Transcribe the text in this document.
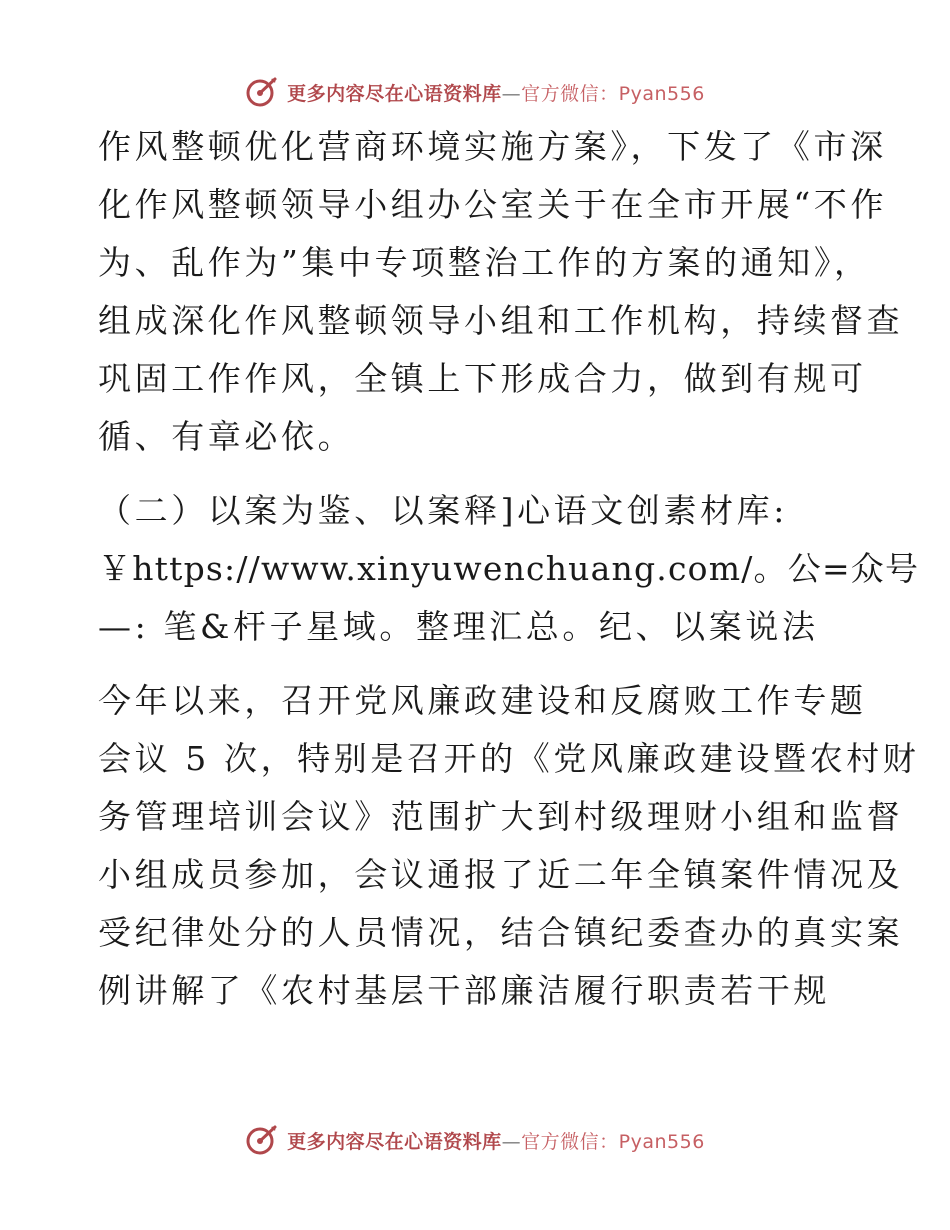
更多内容尽在心语资料库—官方微信：Pyan556
作风整顿优化营商环境实施方案》，下发了《市深
化作风整顿领导小组办公室关于在全市开展“不作
为、乱作为”集中专项整治工作的方案的通知》，
组成深化作风整顿领导小组和工作机构，持续督查
巩固工作作风，全镇上下形成合力，做到有规可
循、有章必依。
（二）以案为鉴、以案释]心语文创素材库:
￥https://www.xinyuwenchuang.com/。公=众号
—: 笔&杆子星域。整理汇总。纪、以案说法
今年以来，召开党风廉政建设和反腐败工作专题
会议 5 次，特别是召开的《党风廉政建设暨农村财
务管理培训会议》范围扩大到村级理财小组和监督
小组成员参加，会议通报了近二年全镇案件情况及
受纪律处分的人员情况，结合镇纪委查办的真实案
例讲解了《农村基层干部廉洁履行职责若干规
更多内容尽在心语资料库—官方微信：Pyan556
